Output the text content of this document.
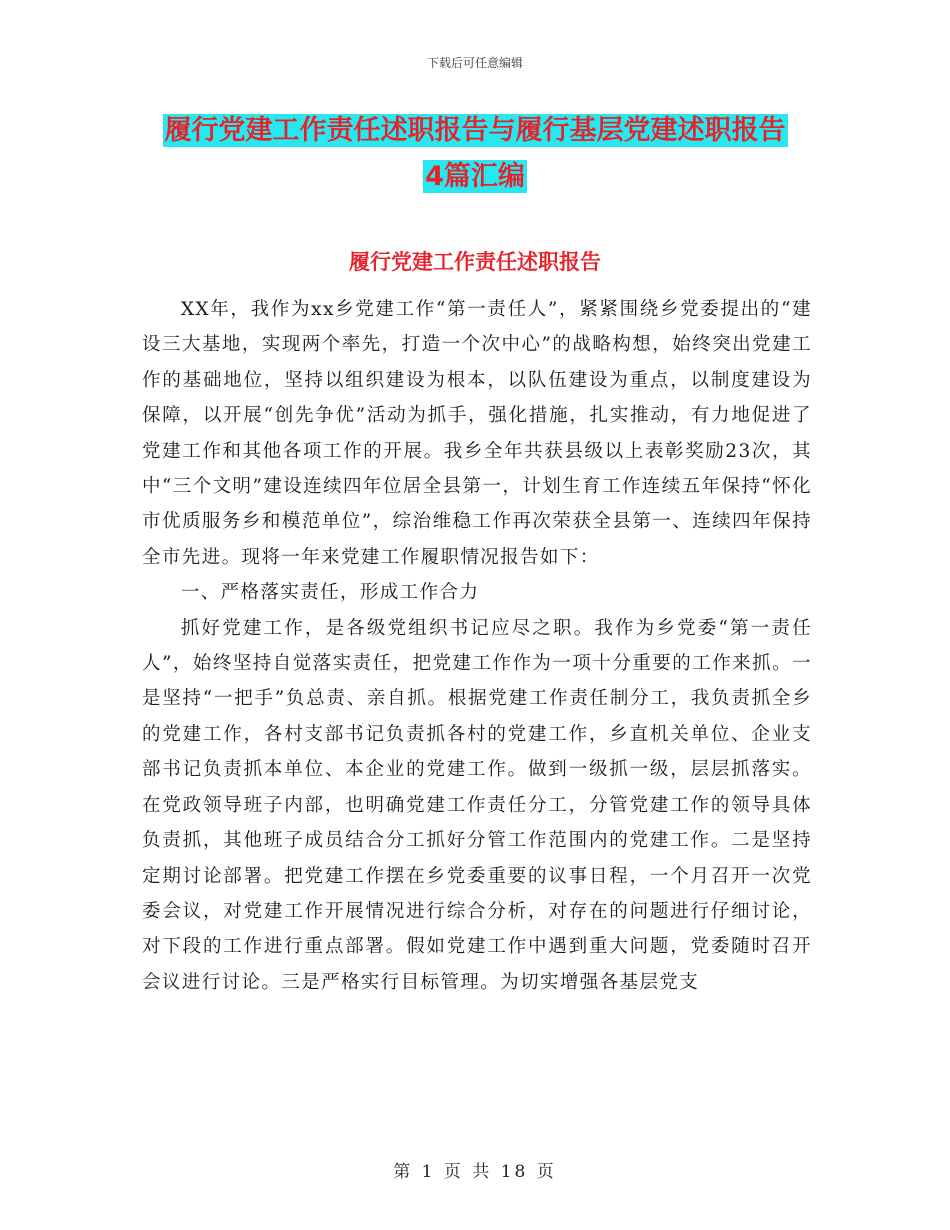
下载后可任意编辑
履行党建工作责任述职报告与履行基层党建述职报告
4篇汇编
履行党建工作责任述职报告

XX年，我作为xx乡党建工作“第一责任人”，紧紧围绕乡党委提出的“建设三大基地，实现两个率先，打造一个次中心”的战略构想，始终突出党建工作的基础地位，坚持以组织建设为根本，以队伍建设为重点，以制度建设为保障，以开展“创先争优”活动为抓手，强化措施，扎实推动，有力地促进了党建工作和其他各项工作的开展。我乡全年共获县级以上表彰奖励23次，其中“三个文明”建设连续四年位居全县第一，计划生育工作连续五年保持“怀化市优质服务乡和模范单位”，综治维稳工作再次荣获全县第一、连续四年保持全市先进。现将一年来党建工作履职情况报告如下：

一、严格落实责任，形成工作合力

抓好党建工作，是各级党组织书记应尽之职。我作为乡党委“第一责任人”，始终坚持自觉落实责任，把党建工作作为一项十分重要的工作来抓。一是坚持“一把手”负总责、亲自抓。根据党建工作责任制分工，我负责抓全乡的党建工作，各村支部书记负责抓各村的党建工作，乡直机关单位、企业支部书记负责抓本单位、本企业的党建工作。做到一级抓一级，层层抓落实。在党政领导班子内部，也明确党建工作责任分工，分管党建工作的领导具体负责抓，其他班子成员结合分工抓好分管工作范围内的党建工作。二是坚持定期讨论部署。把党建工作摆在乡党委重要的议事日程，一个月召开一次党委会议，对党建工作开展情况进行综合分析，对存在的问题进行仔细讨论，对下段的工作进行重点部署。假如党建工作中遇到重大问题，党委随时召开会议进行讨论。三是严格实行目标管理。为切实增强各基层党支

第 1 页 共 18 页
